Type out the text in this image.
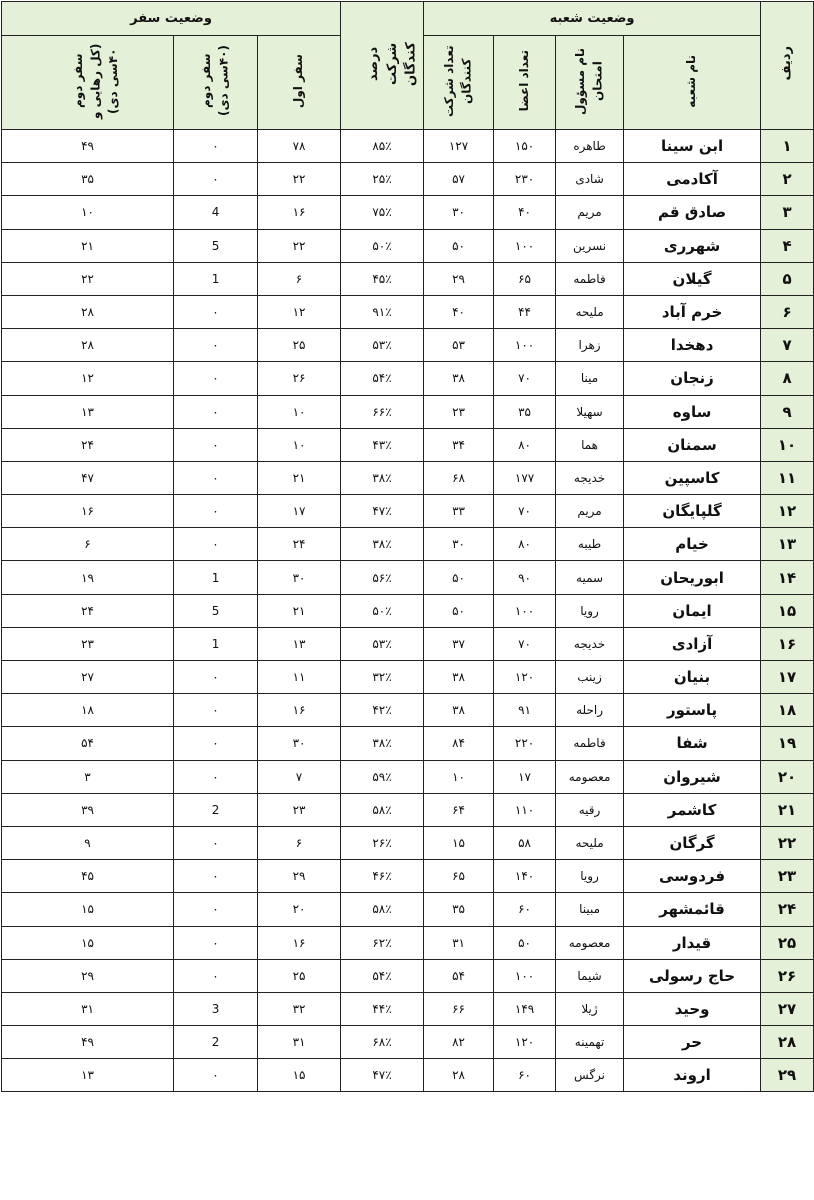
ردیف	وضعیت شعبه				درصد شرکت کندگان	وضعیت سفر		
	نام شعبه	نام مسؤول امتحان	تعداد اعضا	تعداد شرکت کنندگان		سفر اول	سفر دوم (۴۰سی دی)	سفر دوم (کل رهایی و ۴۰سی دی)
۱	ابن سینا	طاهره	۱۵۰	۱۲۷	۸۵٪	۷۸	۰	۴۹
۲	آکادمی	شادی	۲۳۰	۵۷	۲۵٪	۲۲	۰	۳۵
۳	صادق قم	مریم	۴۰	۳۰	۷۵٪	۱۶	4	۱۰
۴	شهرری	نسرین	۱۰۰	۵۰	۵۰٪	۲۲	5	۲۱
۵	گیلان	فاطمه	۶۵	۲۹	۴۵٪	۶	1	۲۲
۶	خرم آباد	ملیحه	۴۴	۴۰	۹۱٪	۱۲	۰	۲۸
۷	دهخدا	زهرا	۱۰۰	۵۳	۵۳٪	۲۵	۰	۲۸
۸	زنجان	مینا	۷۰	۳۸	۵۴٪	۲۶	۰	۱۲
۹	ساوه	سهیلا	۳۵	۲۳	۶۶٪	۱۰	۰	۱۳
۱۰	سمنان	هما	۸۰	۳۴	۴۳٪	۱۰	۰	۲۴
۱۱	کاسپین	خدیجه	۱۷۷	۶۸	۳۸٪	۲۱	۰	۴۷
۱۲	گلپایگان	مریم	۷۰	۳۳	۴۷٪	۱۷	۰	۱۶
۱۳	خیام	طیبه	۸۰	۳۰	۳۸٪	۲۴	۰	۶
۱۴	ابوریحان	سمیه	۹۰	۵۰	۵۶٪	۳۰	1	۱۹
۱۵	ایمان	رویا	۱۰۰	۵۰	۵۰٪	۲۱	5	۲۴
۱۶	آزادی	خدیجه	۷۰	۳۷	۵۳٪	۱۳	1	۲۳
۱۷	بنیان	زینب	۱۲۰	۳۸	۳۲٪	۱۱	۰	۲۷
۱۸	پاستور	راحله	۹۱	۳۸	۴۲٪	۱۶	۰	۱۸
۱۹	شفا	فاطمه	۲۲۰	۸۴	۳۸٪	۳۰	۰	۵۴
۲۰	شیروان	معصومه	۱۷	۱۰	۵۹٪	۷	۰	۳
۲۱	کاشمر	رقیه	۱۱۰	۶۴	۵۸٪	۲۳	2	۳۹
۲۲	گرگان	ملیحه	۵۸	۱۵	۲۶٪	۶	۰	۹
۲۳	فردوسی	رویا	۱۴۰	۶۵	۴۶٪	۲۹	۰	۴۵
۲۴	قائمشهر	مبینا	۶۰	۳۵	۵۸٪	۲۰	۰	۱۵
۲۵	قیدار	معصومه	۵۰	۳۱	۶۲٪	۱۶	۰	۱۵
۲۶	حاج رسولی	شیما	۱۰۰	۵۴	۵۴٪	۲۵	۰	۲۹
۲۷	وحید	ژیلا	۱۴۹	۶۶	۴۴٪	۳۲	3	۳۱
۲۸	حر	تهمینه	۱۲۰	۸۲	۶۸٪	۳۱	2	۴۹
۲۹	اروند	نرگس	۶۰	۲۸	۴۷٪	۱۵	۰	۱۳
